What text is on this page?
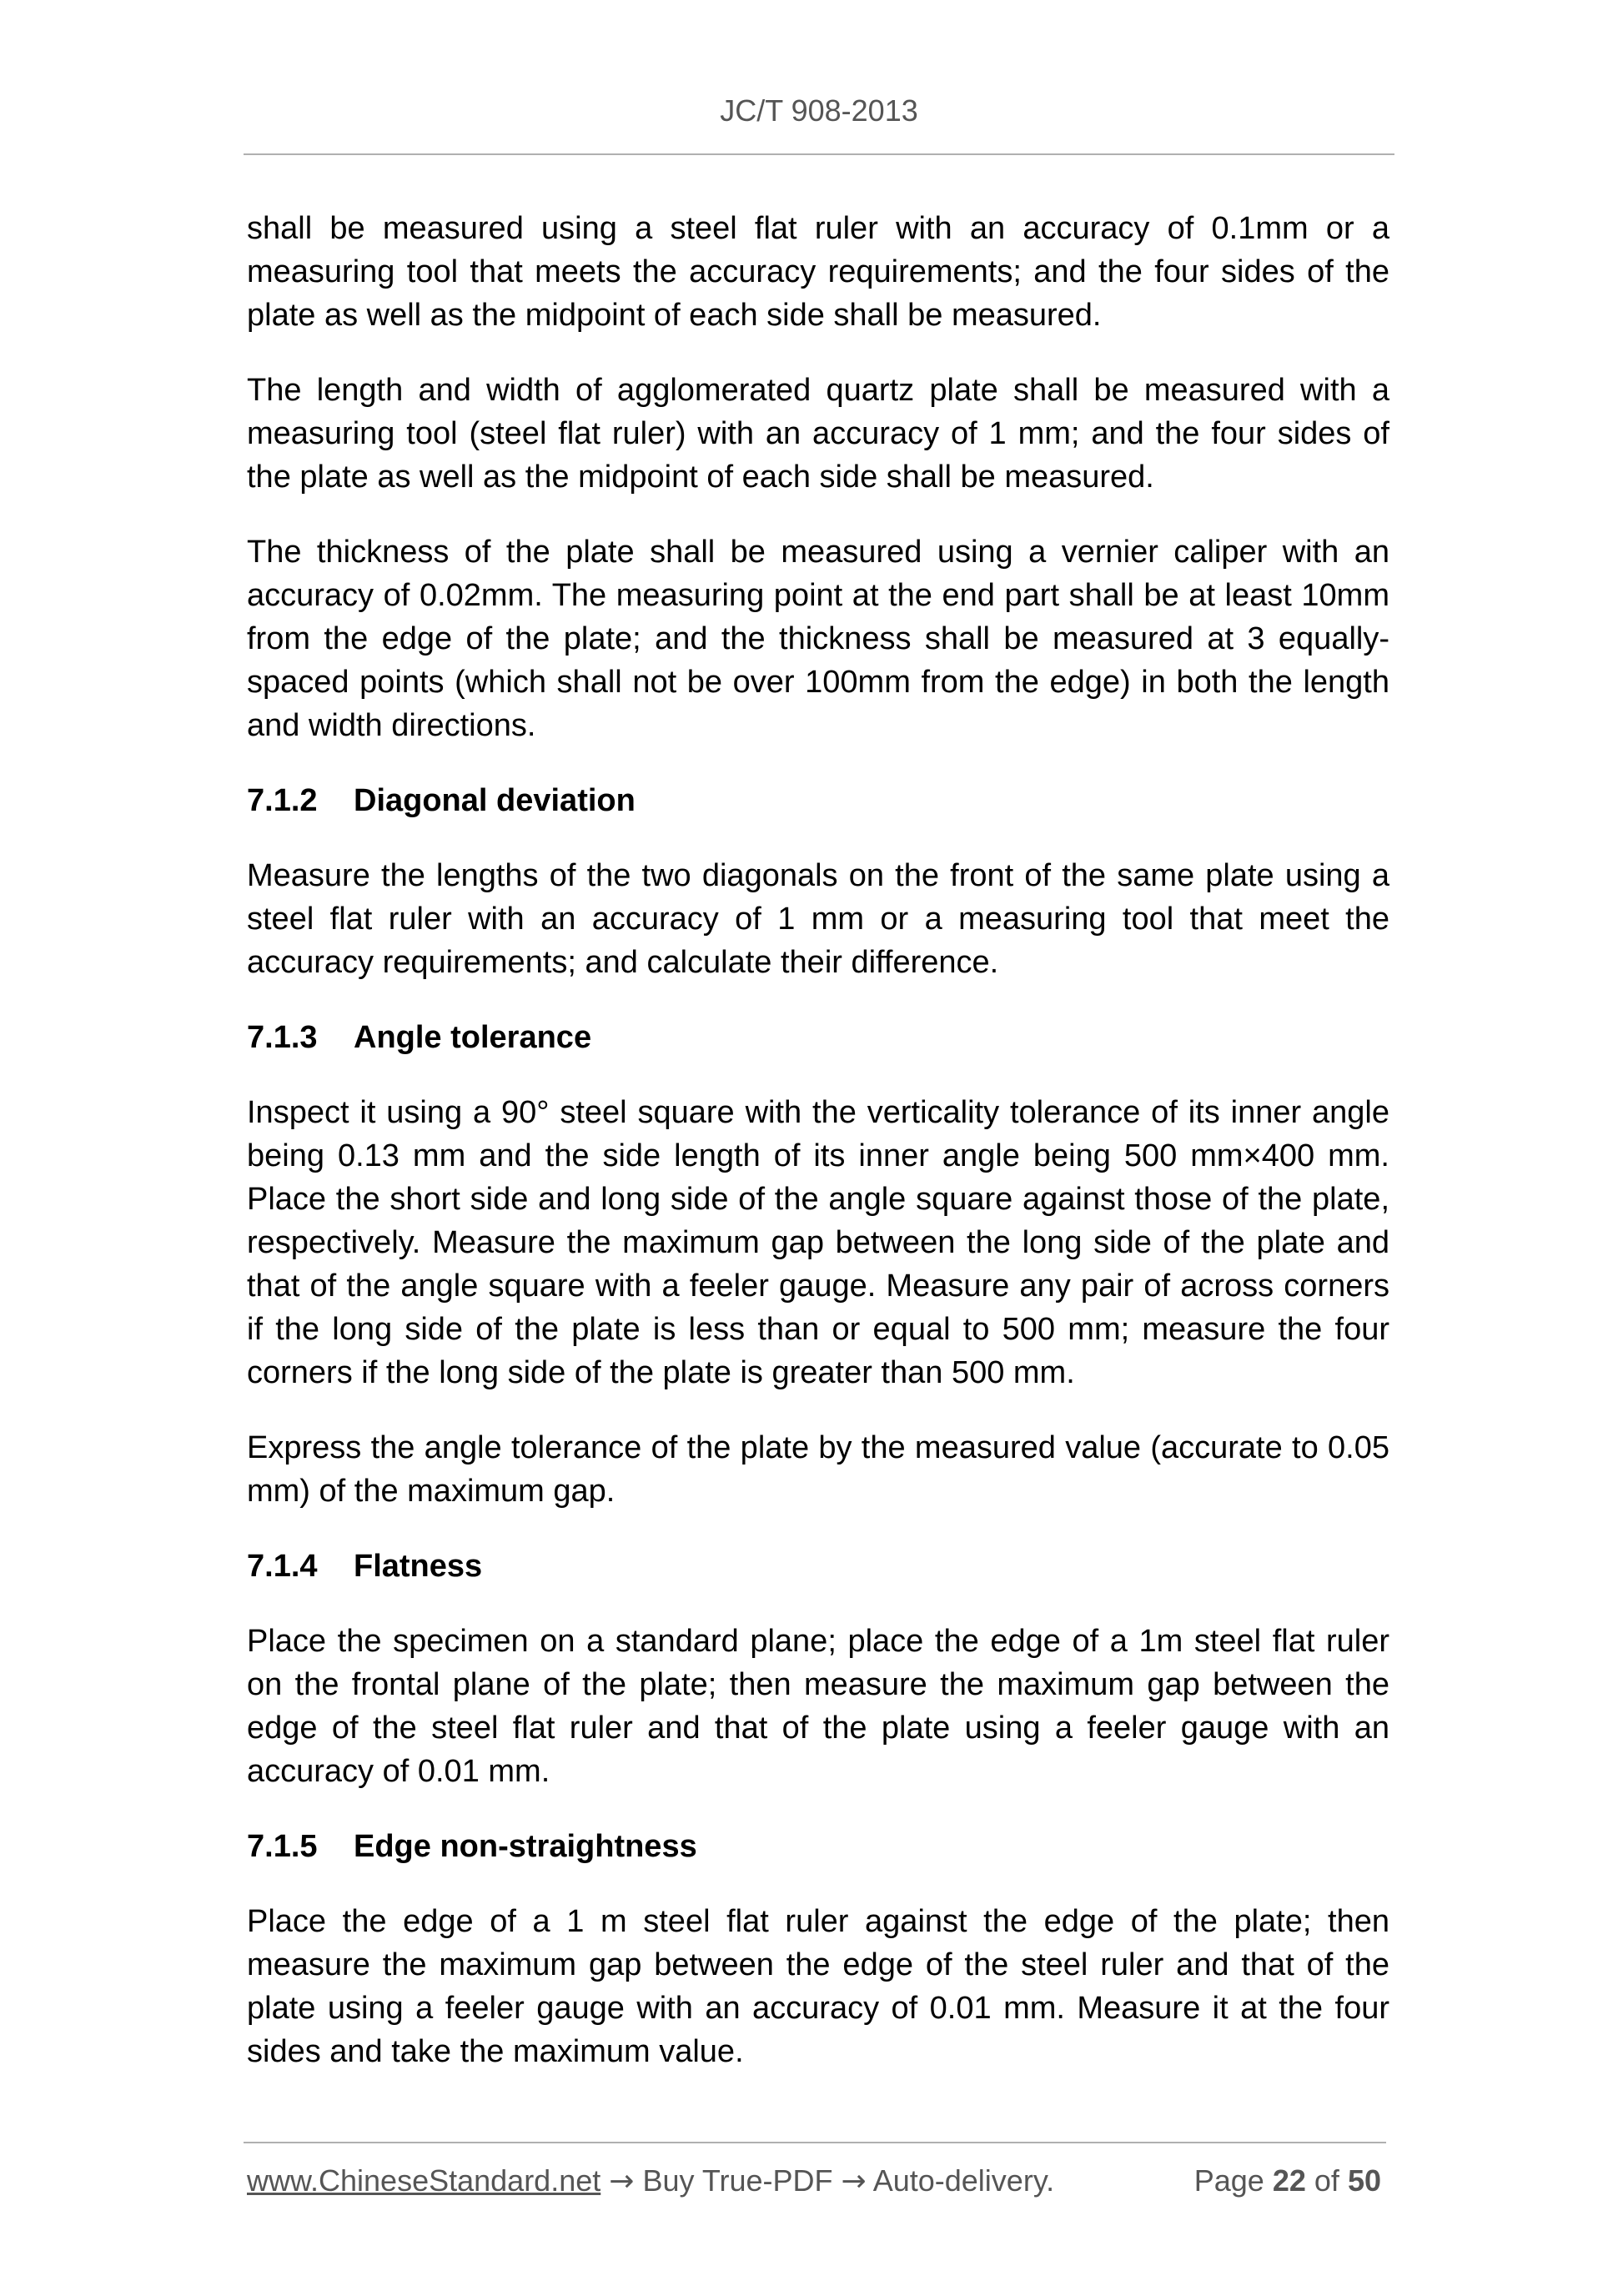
JC/T 908-2013

shall be measured using a steel flat ruler with an accuracy of 0.1mm or a measuring tool that meets the accuracy requirements; and the four sides of the plate as well as the midpoint of each side shall be measured.

The length and width of agglomerated quartz plate shall be measured with a measuring tool (steel flat ruler) with an accuracy of 1 mm; and the four sides of the plate as well as the midpoint of each side shall be measured.

The thickness of the plate shall be measured using a vernier caliper with an accuracy of 0.02mm. The measuring point at the end part shall be at least 10mm from the edge of the plate; and the thickness shall be measured at 3 equally-spaced points (which shall not be over 100mm from the edge) in both the length and width directions.

7.1.2 Diagonal deviation

Measure the lengths of the two diagonals on the front of the same plate using a steel flat ruler with an accuracy of 1 mm or a measuring tool that meet the accuracy requirements; and calculate their difference.

7.1.3 Angle tolerance

Inspect it using a 90° steel square with the verticality tolerance of its inner angle being 0.13 mm and the side length of its inner angle being 500 mm×400 mm. Place the short side and long side of the angle square against those of the plate, respectively. Measure the maximum gap between the long side of the plate and that of the angle square with a feeler gauge. Measure any pair of across corners if the long side of the plate is less than or equal to 500 mm; measure the four corners if the long side of the plate is greater than 500 mm.

Express the angle tolerance of the plate by the measured value (accurate to 0.05 mm) of the maximum gap.

7.1.4 Flatness

Place the specimen on a standard plane; place the edge of a 1m steel flat ruler on the frontal plane of the plate; then measure the maximum gap between the edge of the steel flat ruler and that of the plate using a feeler gauge with an accuracy of 0.01 mm.

7.1.5 Edge non-straightness

Place the edge of a 1 m steel flat ruler against the edge of the plate; then measure the maximum gap between the edge of the steel ruler and that of the plate using a feeler gauge with an accuracy of 0.01 mm. Measure it at the four sides and take the maximum value.

www.ChineseStandard.net → Buy True-PDF → Auto-delivery.	Page 22 of 50
